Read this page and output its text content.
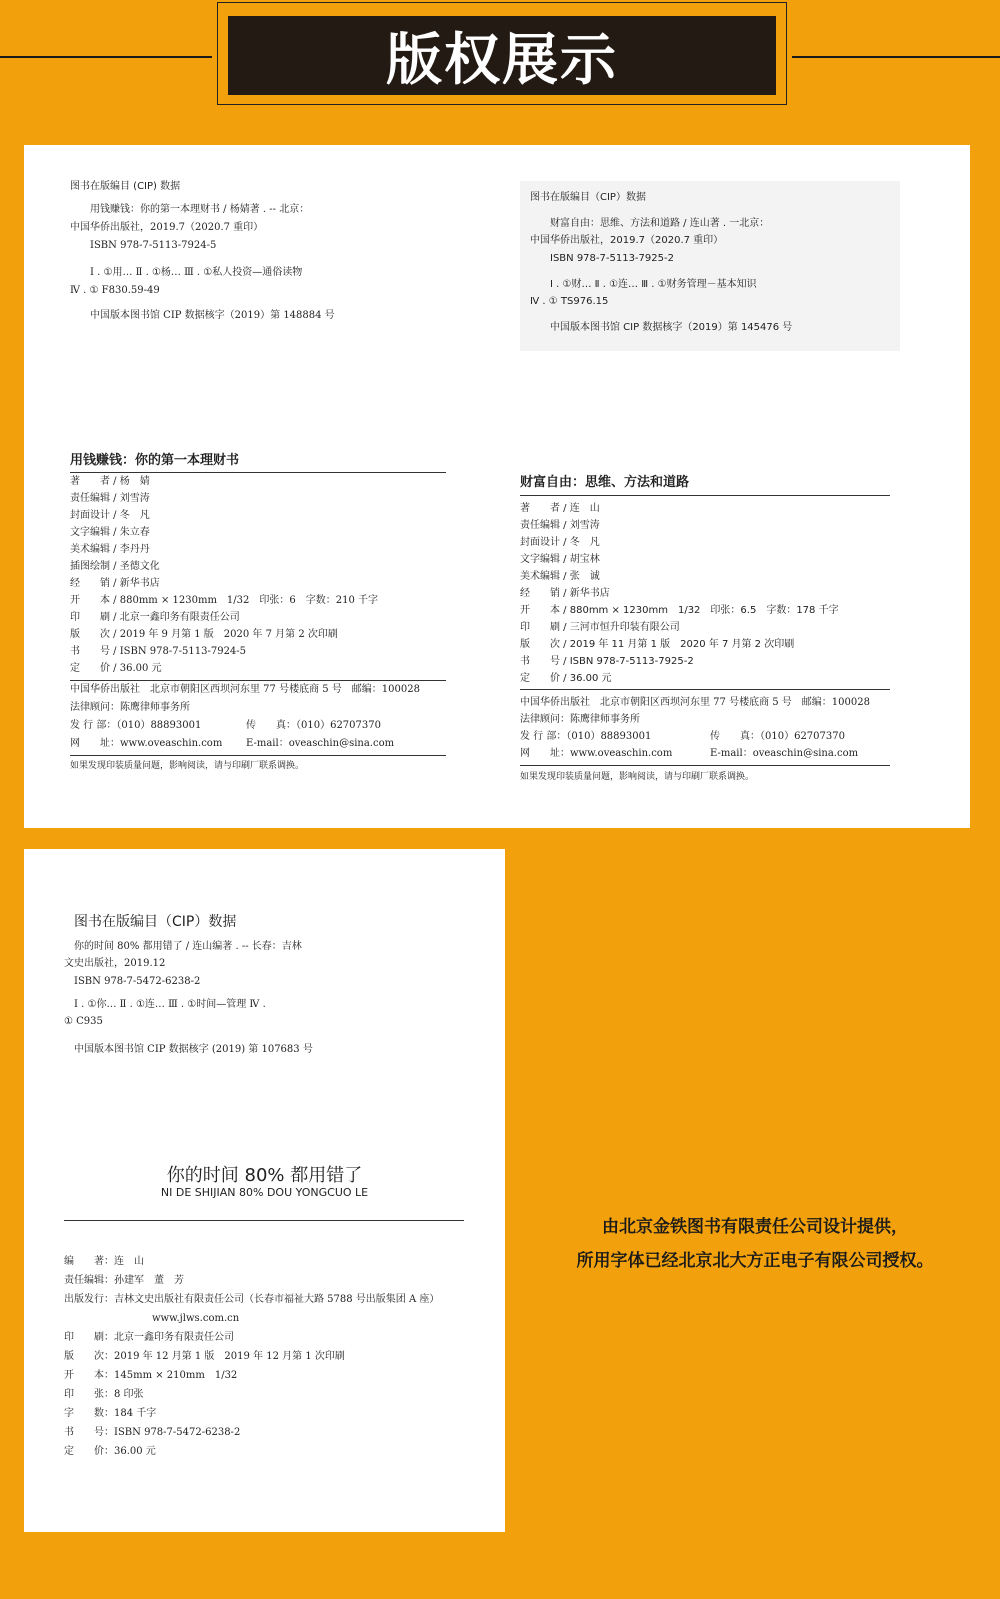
版权展示
图书在版编目 (CIP) 数据
用钱赚钱：你的第一本理财书 / 杨婧著 . -- 北京：
中国华侨出版社，2019.7（2020.7 重印）
ISBN 978-7-5113-7924-5
Ⅰ . ①用… Ⅱ . ①杨… Ⅲ . ①私人投资—通俗读物
Ⅳ . ① F830.59-49
中国版本图书馆 CIP 数据核字（2019）第 148884 号
图书在版编目（CIP）数据
财富自由：思维、方法和道路 / 连山著 . 一北京：
中国华侨出版社，2019.7（2020.7 重印）
ISBN 978-7-5113-7925-2
Ⅰ . ①财… Ⅱ . ①连… Ⅲ . ①财务管理－基本知识
Ⅳ . ① TS976.15
中国版本图书馆 CIP 数据核字（2019）第 145476 号
用钱赚钱：你的第一本理财书
著　　者 / 杨　婧
责任编辑 / 刘雪涛
封面设计 / 冬　凡
文字编辑 / 朱立春
美术编辑 / 李丹丹
插图绘制 / 圣德文化
经　　销 / 新华书店
开　　本 / 880mm × 1230mm　1/32　印张：6　字数：210 千字
印　　刷 / 北京一鑫印务有限责任公司
版　　次 / 2019 年 9 月第 1 版　2020 年 7 月第 2 次印刷
书　　号 / ISBN 978-7-5113-7924-5
定　　价 / 36.00 元
中国华侨出版社　北京市朝阳区西坝河东里 77 号楼底商 5 号　邮编：100028
法律顾问：陈鹰律师事务所
发 行 部：（010）88893001	传　　真：（010）62707370
网　　址：www.oveaschin.com E-mail：oveaschin@sina.com
如果发现印装质量问题，影响阅读，请与印刷厂联系调换。
财富自由：思维、方法和道路
著　　者 / 连　山
责任编辑 / 刘雪涛
封面设计 / 冬　凡
文字编辑 / 胡宝林
美术编辑 / 张　诚
经　　销 / 新华书店
开　　本 / 880mm × 1230mm　1/32　印张：6.5　字数：178 千字
印　　刷 / 三河市恒升印装有限公司
版　　次 / 2019 年 11 月第 1 版　2020 年 7 月第 2 次印刷
书　　号 / ISBN 978-7-5113-7925-2
定　　价 / 36.00 元
中国华侨出版社　北京市朝阳区西坝河东里 77 号楼底商 5 号　邮编：100028
法律顾问：陈鹰律师事务所
发 行 部：（010）88893001	传　　真：（010）62707370
网　　址：www.oveaschin.com	E-mail：oveaschin@sina.com
如果发现印装质量问题，影响阅读，请与印刷厂联系调换。
图书在版编目（CIP）数据
你的时间 80% 都用错了 / 连山编著 . -- 长春：吉林
文史出版社，2019.12
ISBN 978-7-5472-6238-2
Ⅰ . ①你… Ⅱ . ①连… Ⅲ . ①时间—管理 Ⅳ .
① C935
中国版本图书馆 CIP 数据核字 (2019) 第 107683 号
你的时间 80% 都用错了
NI DE SHIJIAN 80% DOU YONGCUO LE
编　　著：连　山
责任编辑：孙建军　董　芳
出版发行：吉林文史出版社有限责任公司（长春市福祉大路 5788 号出版集团 A 座）
www.jlws.com.cn
印　　刷：北京一鑫印务有限责任公司
版　　次：2019 年 12 月第 1 版　2019 年 12 月第 1 次印刷
开　　本：145mm × 210mm　1/32
印　　张：8 印张
字　　数：184 千字
书　　号：ISBN 978-7-5472-6238-2
定　　价：36.00 元
由北京金铁图书有限责任公司设计提供，
所用字体已经北京北大方正电子有限公司授权。
